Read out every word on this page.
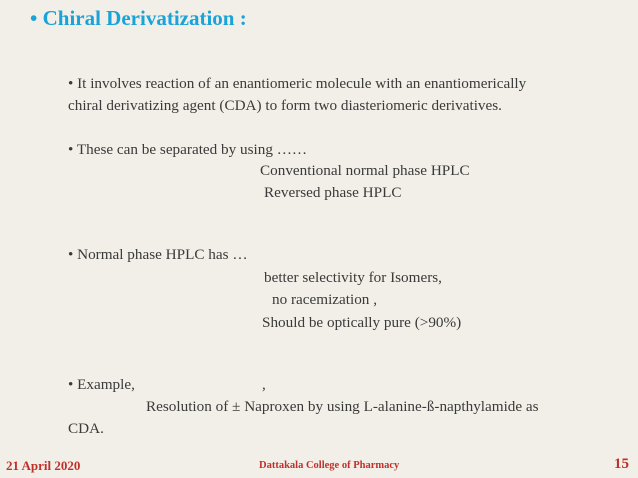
• Chiral Derivatization :
• It involves reaction of an enantiomeric molecule with an enantiomerically
chiral derivatizing agent (CDA) to form two diasteriomeric derivatives.
• These can be separated by using ……
Conventional normal phase HPLC
Reversed phase HPLC
• Normal phase HPLC has …
better selectivity for Isomers,
no racemization ,
Should be optically pure (>90%)
• Example,	,
Resolution of ± Naproxen by using L-alanine-ß-napthylamide as
CDA.
21 April 2020	Dattakala College of Pharmacy	15
